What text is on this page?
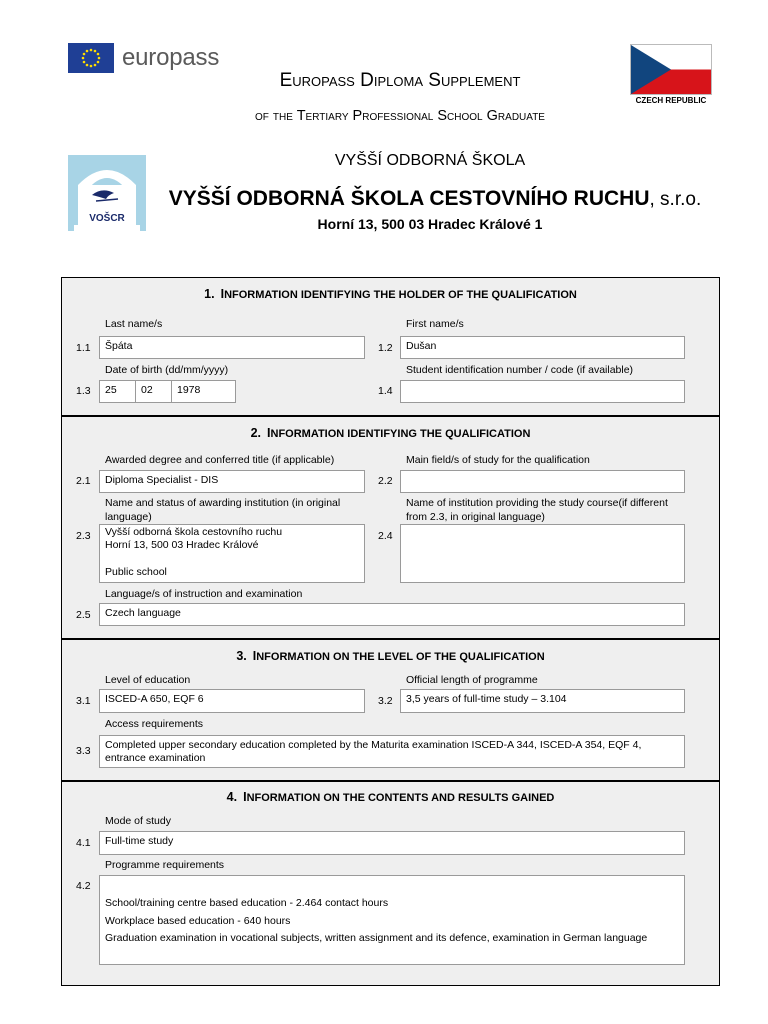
europass
CZECH REPUBLIC
Europass Diploma Supplement
of the Tertiary Professional School Graduate
VOŠCR
VYŠŠÍ ODBORNÁ ŠKOLA
VYŠŠÍ ODBORNÁ ŠKOLA CESTOVNÍHO RUCHU, s.r.o.
Horní 13, 500 03 Hradec Králové 1
1. INFORMATION IDENTIFYING THE HOLDER OF THE QUALIFICATION
Last name/s	First name/s
1.1	Špáta	1.2	Dušan
Date of birth (dd/mm/yyyy)	Student identification number / code (if available)
1.3	25	02	1978	1.4
2. INFORMATION IDENTIFYING THE QUALIFICATION
Awarded degree and conferred title (if applicable)	Main field/s of study for the qualification
2.1	Diploma Specialist - DIS	2.2
Name and status of awarding institution (in original
language)
Name of institution providing the study course(if different
from 2.3, in original language)
2.3	Vyšší odborná škola cestovního ruchu
Horní 13, 500 03 Hradec Králové
Public school
2.4
Language/s of instruction and examination
2.5	Czech language
3. INFORMATION ON THE LEVEL OF THE QUALIFICATION
Level of education	Official length of programme
3.1	ISCED-A 650, EQF 6	3.2	3,5 years of full-time study – 3.104
Access requirements
3.3	Completed upper secondary education completed by the Maturita examination ISCED-A 344, ISCED-A 354, EQF 4,
entrance examination
4. INFORMATION ON THE CONTENTS AND RESULTS GAINED
Mode of study
4.1	Full-time study
Programme requirements
4.2
School/training centre based education - 2.464 contact hours
Workplace based education - 640 hours
Graduation examination in vocational subjects, written assignment and its defence, examination in German language
